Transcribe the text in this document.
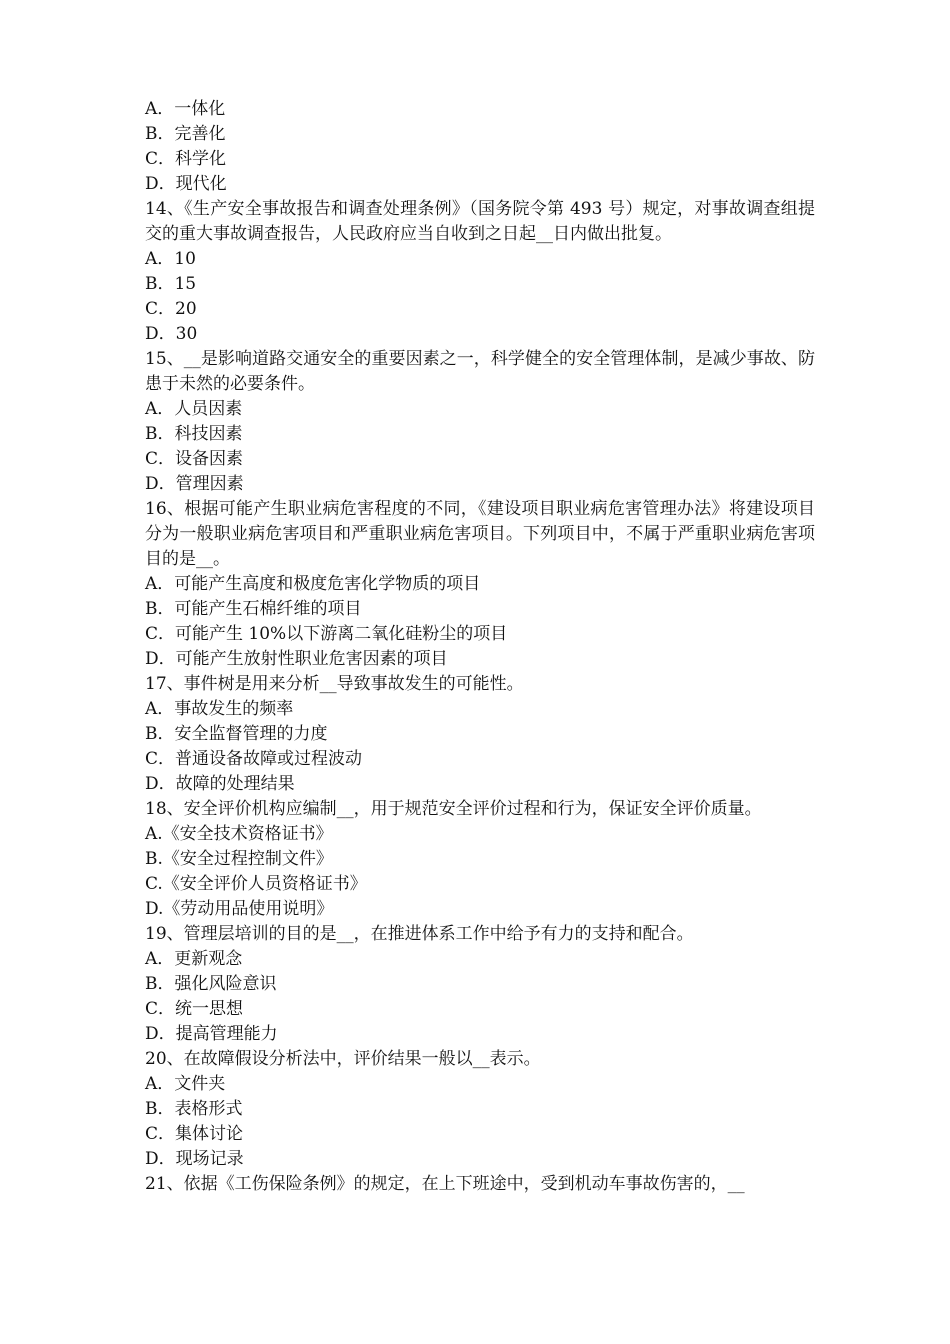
A．一体化
B．完善化
C．科学化
D．现代化
14、《生产安全事故报告和调查处理条例》（国务院令第 493 号）规定，对事故调查组提交的重大事故调查报告，人民政府应当自收到之日起__日内做出批复。
A．10
B．15
C．20
D．30
15、__是影响道路交通安全的重要因素之一，科学健全的安全管理体制，是减少事故、防患于未然的必要条件。
A．人员因素
B．科技因素
C．设备因素
D．管理因素
16、根据可能产生职业病危害程度的不同，《建设项目职业病危害管理办法》将建设项目分为一般职业病危害项目和严重职业病危害项目。下列项目中，不属于严重职业病危害项目的是__。
A．可能产生高度和极度危害化学物质的项目
B．可能产生石棉纤维的项目
C．可能产生 10%以下游离二氧化硅粉尘的项目
D．可能产生放射性职业危害因素的项目
17、事件树是用来分析__导致事故发生的可能性。
A．事故发生的频率
B．安全监督管理的力度
C．普通设备故障或过程波动
D．故障的处理结果
18、安全评价机构应编制__，用于规范安全评价过程和行为，保证安全评价质量。
A.《安全技术资格证书》
B.《安全过程控制文件》
C.《安全评价人员资格证书》
D.《劳动用品使用说明》
19、管理层培训的目的是__，在推进体系工作中给予有力的支持和配合。
A．更新观念
B．强化风险意识
C．统一思想
D．提高管理能力
20、在故障假设分析法中，评价结果一般以__表示。
A．文件夹
B．表格形式
C．集体讨论
D．现场记录
21、依据《工伤保险条例》的规定，在上下班途中，受到机动车事故伤害的，__
